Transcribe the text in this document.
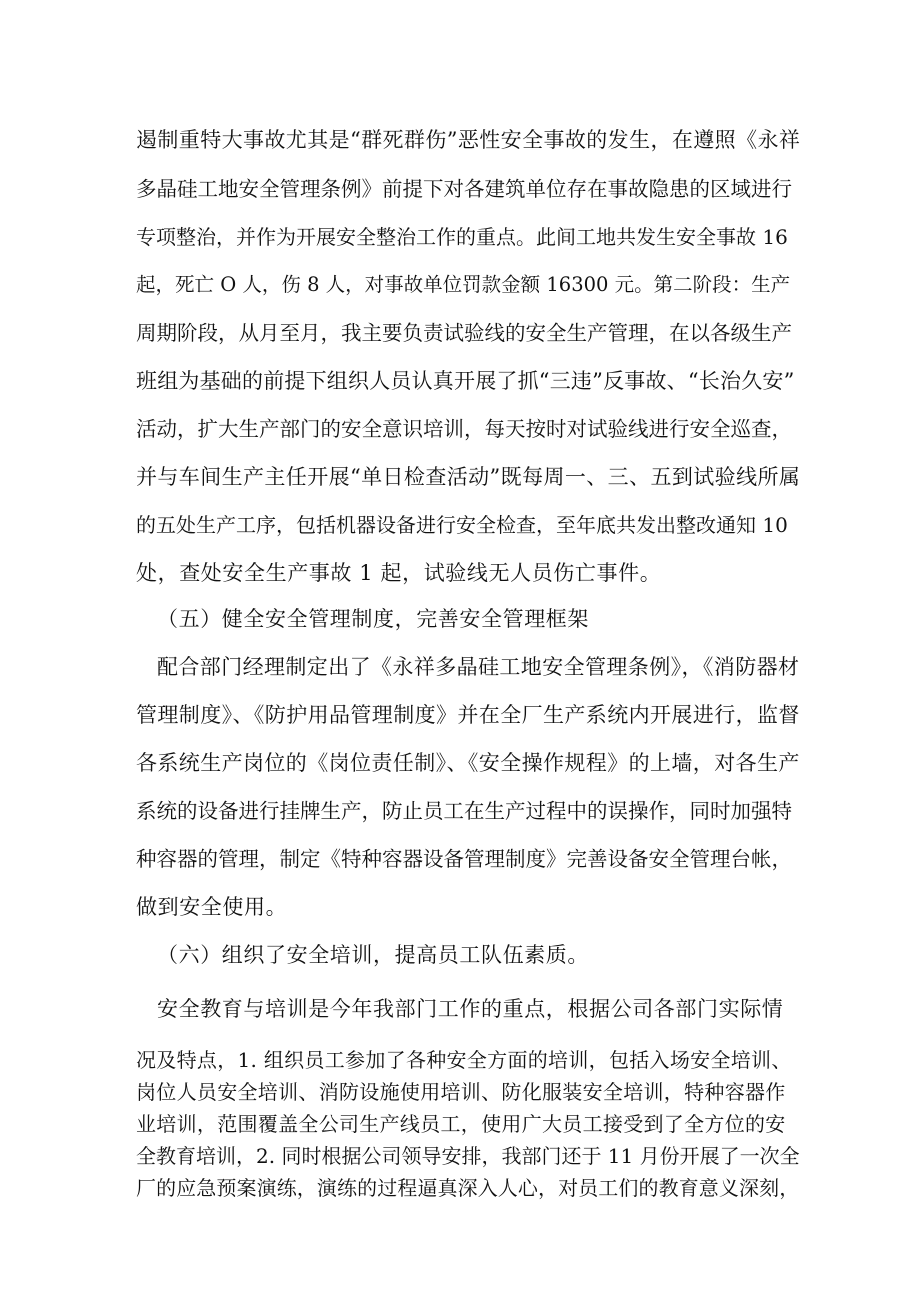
遏制重特大事故尤其是“群死群伤”恶性安全事故的发生，在遵照《永祥
多晶硅工地安全管理条例》前提下对各建筑单位存在事故隐患的区域进行
专项整治，并作为开展安全整治工作的重点。此间工地共发生安全事故 16
起，死亡 O 人，伤 8 人，对事故单位罚款金额 16300 元。第二阶段：生产
周期阶段，从月至月，我主要负责试验线的安全生产管理，在以各级生产
班组为基础的前提下组织人员认真开展了抓“三违”反事故、“长治久安”
活动，扩大生产部门的安全意识培训，每天按时对试验线进行安全巡查，
并与车间生产主任开展“单日检查活动”既每周一、三、五到试验线所属
的五处生产工序，包括机器设备进行安全检查，至年底共发出整改通知 10
处，查处安全生产事故 1 起，试验线无人员伤亡事件。
（五）健全安全管理制度，完善安全管理框架
配合部门经理制定出了《永祥多晶硅工地安全管理条例》，《消防器材
管理制度》、《防护用品管理制度》并在全厂生产系统内开展进行，监督
各系统生产岗位的《岗位责任制》、《安全操作规程》的上墙，对各生产
系统的设备进行挂牌生产，防止员工在生产过程中的误操作，同时加强特
种容器的管理，制定《特种容器设备管理制度》完善设备安全管理台帐，
做到安全使用。
（六）组织了安全培训，提高员工队伍素质。
安全教育与培训是今年我部门工作的重点，根据公司各部门实际情
况及特点，1. 组织员工参加了各种安全方面的培训，包括入场安全培训、
岗位人员安全培训、消防设施使用培训、防化服装安全培训，特种容器作
业培训，范围覆盖全公司生产线员工，使用广大员工接受到了全方位的安
全教育培训，2. 同时根据公司领导安排，我部门还于 11 月份开展了一次全
厂的应急预案演练，演练的过程逼真深入人心，对员工们的教育意义深刻，
